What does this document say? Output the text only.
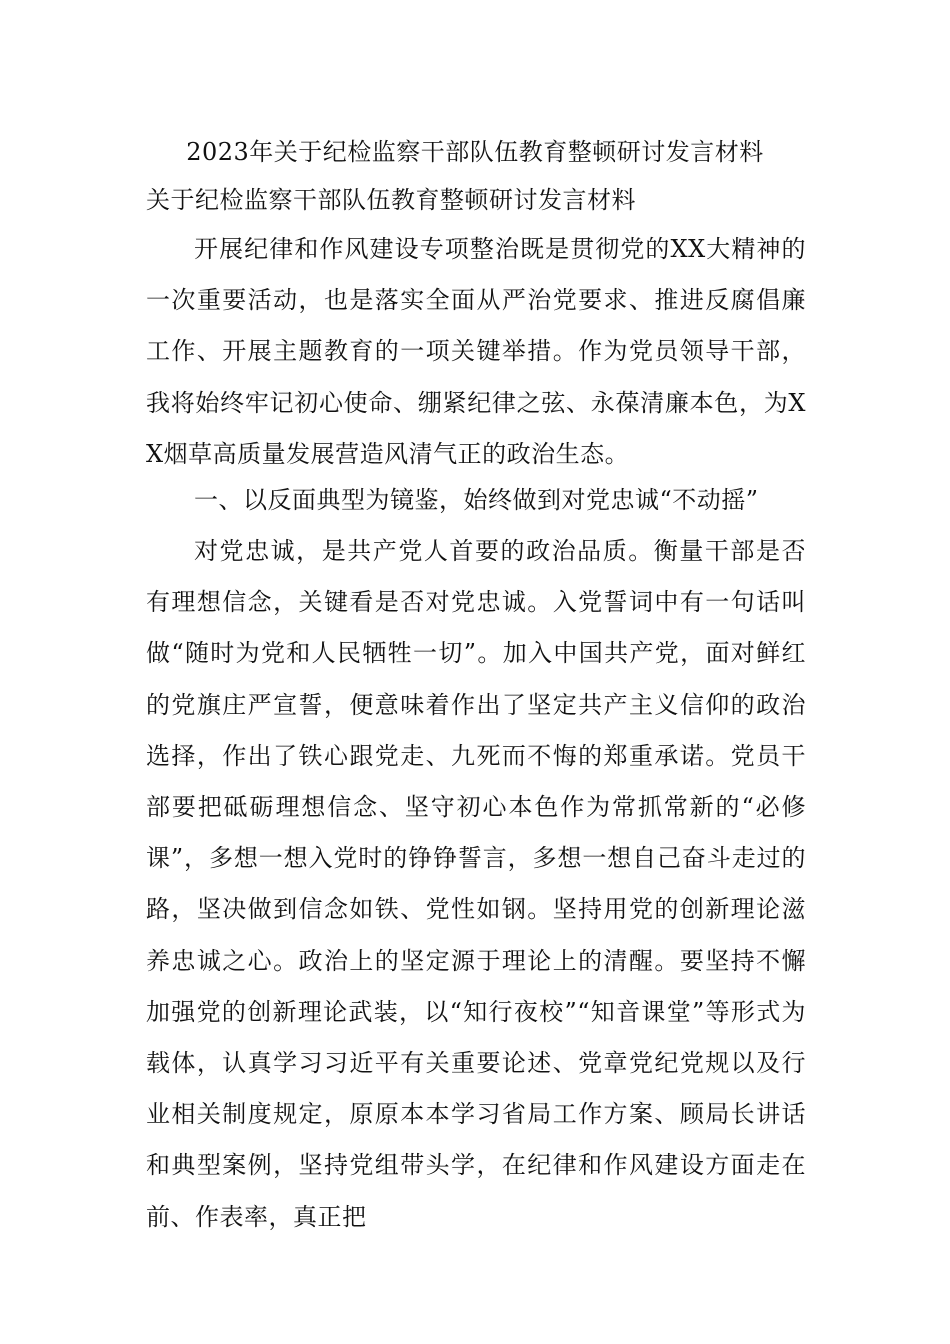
2023年关于纪检监察干部队伍教育整顿研讨发言材料
关于纪检监察干部队伍教育整顿研讨发言材料

开展纪律和作风建设专项整治既是贯彻党的XX大精神的一次重要活动，也是落实全面从严治党要求、推进反腐倡廉工作、开展主题教育的一项关键举措。作为党员领导干部，我将始终牢记初心使命、绷紧纪律之弦、永葆清廉本色，为XX烟草高质量发展营造风清气正的政治生态。

一、以反面典型为镜鉴，始终做到对党忠诚“不动摇”

对党忠诚，是共产党人首要的政治品质。衡量干部是否有理想信念，关键看是否对党忠诚。入党誓词中有一句话叫做“随时为党和人民牺牲一切”。加入中国共产党，面对鲜红的党旗庄严宣誓，便意味着作出了坚定共产主义信仰的政治选择，作出了铁心跟党走、九死而不悔的郑重承诺。党员干部要把砥砺理想信念、坚守初心本色作为常抓常新的“必修课”，多想一想入党时的铮铮誓言，多想一想自己奋斗走过的路，坚决做到信念如铁、党性如钢。坚持用党的创新理论滋养忠诚之心。政治上的坚定源于理论上的清醒。要坚持不懈加强党的创新理论武装，以“知行夜校”“知音课堂”等形式为载体，认真学习习近平有关重要论述、党章党纪党规以及行业相关制度规定，原原本本学习省局工作方案、顾局长讲话和典型案例，坚持党组带头学，在纪律和作风建设方面走在前、作表率，真正把
